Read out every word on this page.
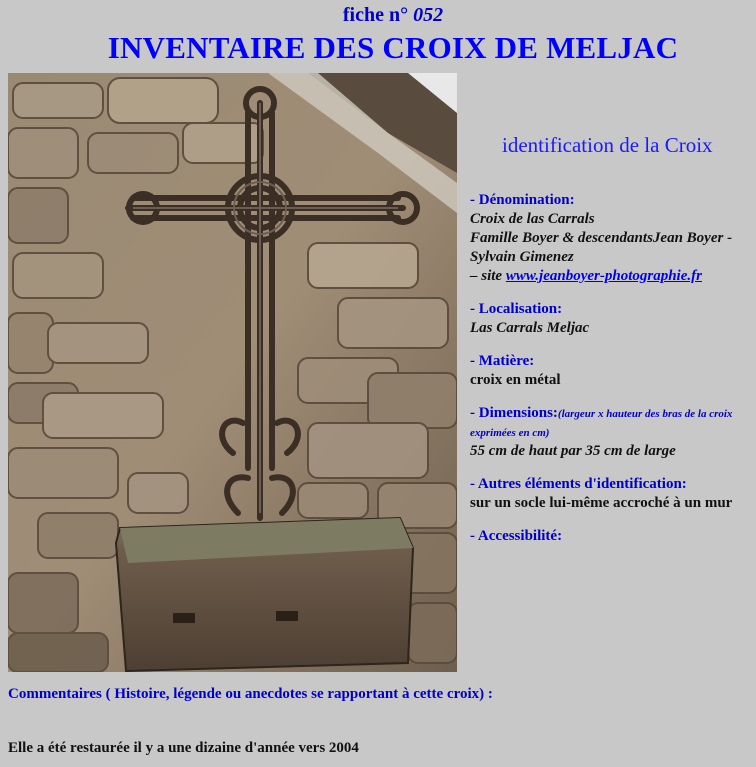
fiche n° 052
INVENTAIRE DES CROIX DE MELJAC
identification de la Croix
- Dénomination:
Croix de las Carrals
Famille Boyer & descendantsJean Boyer - Sylvain Gimenez
– site www.jeanboyer-photographie.fr
- Localisation:
Las Carrals Meljac
- Matière:
croix en métal
- Dimensions:(largeur x hauteur des bras de la croix exprimées en cm)
55 cm de haut par 35 cm de large
- Autres éléments d'identification:
sur un socle lui-même accroché à un mur
- Accessibilité:
Commentaires ( Histoire, légende ou anecdotes se rapportant à cette croix) :
Elle a été restaurée il y a une dizaine d'année vers 2004
